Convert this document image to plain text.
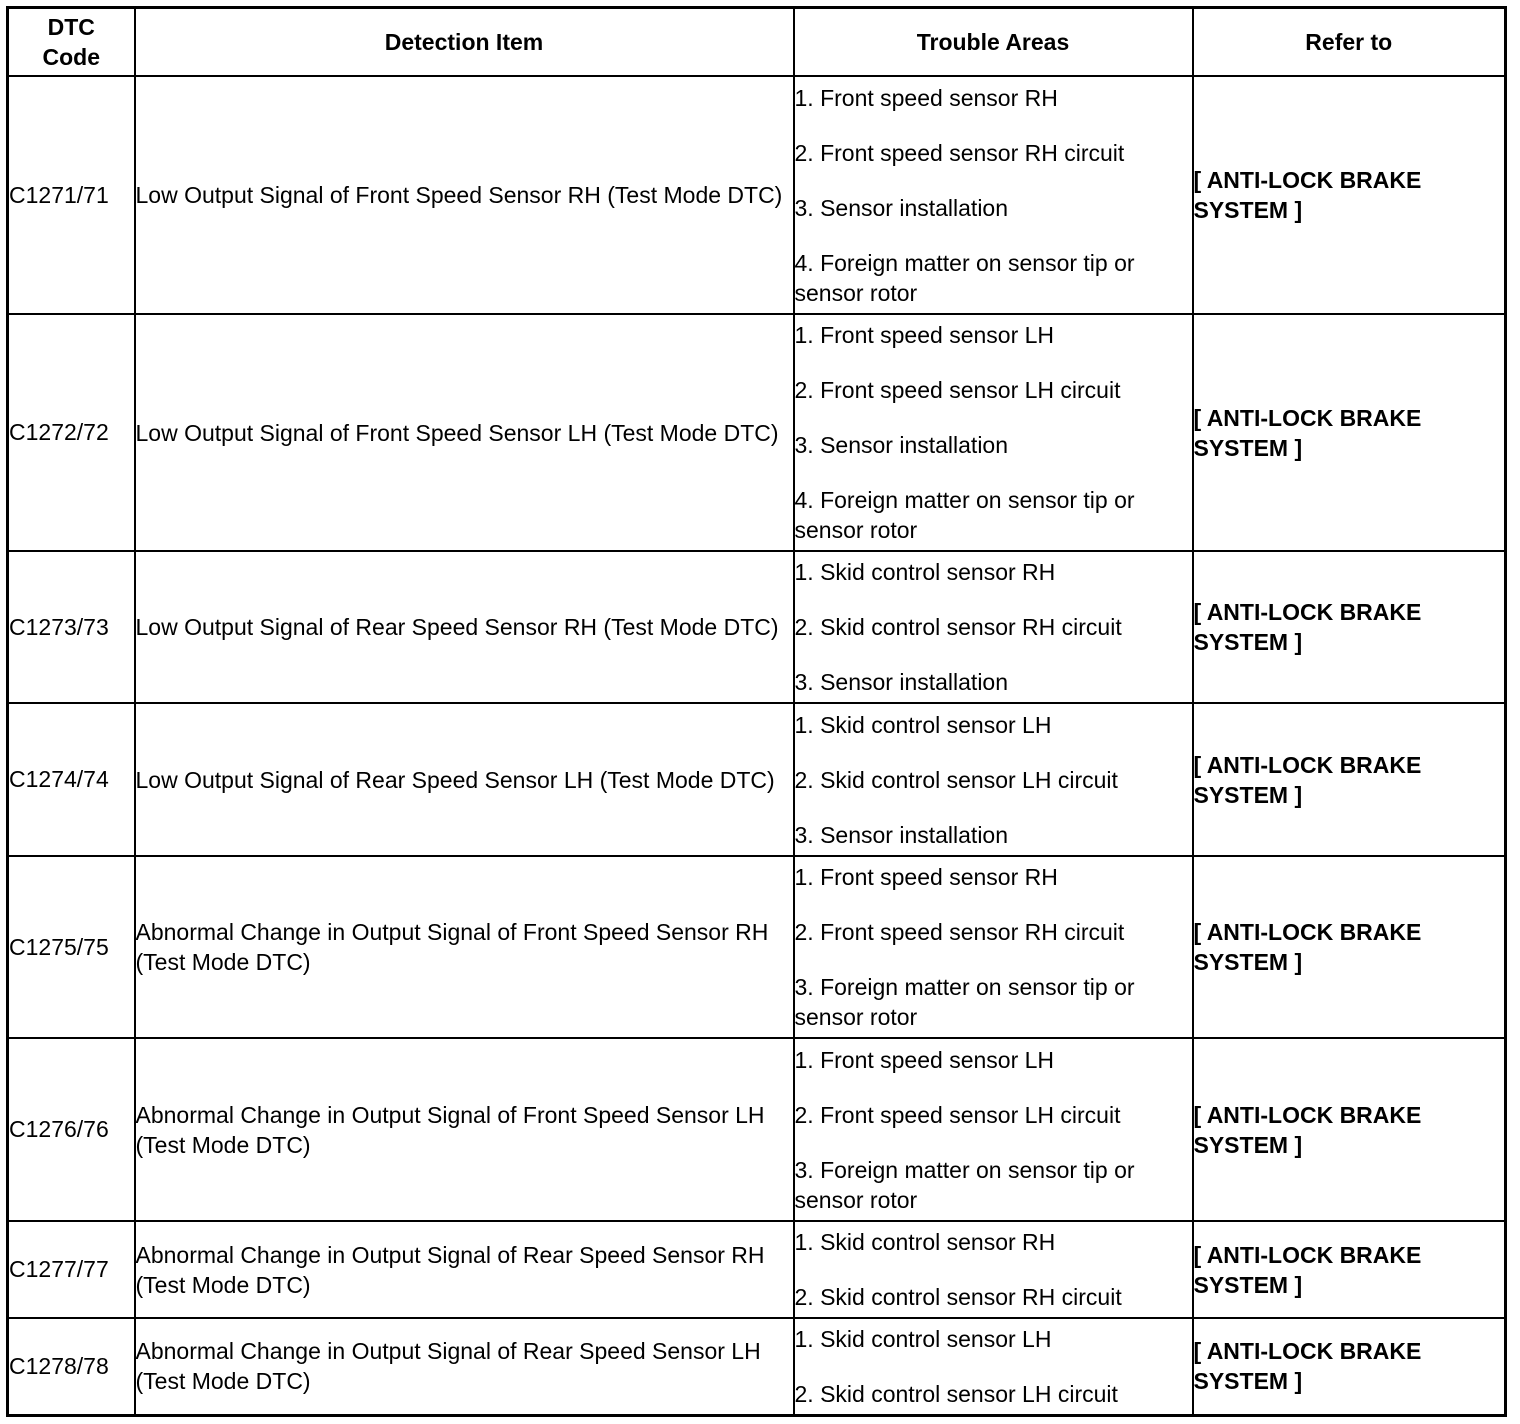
DTC Code	Detection Item	Trouble Areas	Refer to
C1271/71	Low Output Signal of Front Speed Sensor RH (Test Mode DTC)	1. Front speed sensor RH
2. Front speed sensor RH circuit
3. Sensor installation
4. Foreign matter on sensor tip or sensor rotor	[ ANTI-LOCK BRAKE SYSTEM ]

C1272/72	Low Output Signal of Front Speed Sensor LH (Test Mode DTC)	1. Front speed sensor LH
2. Front speed sensor LH circuit
3. Sensor installation
4. Foreign matter on sensor tip or sensor rotor	[ ANTI-LOCK BRAKE SYSTEM ]

C1273/73	Low Output Signal of Rear Speed Sensor RH (Test Mode DTC)	1. Skid control sensor RH
2. Skid control sensor RH circuit
3. Sensor installation	[ ANTI-LOCK BRAKE SYSTEM ]

C1274/74	Low Output Signal of Rear Speed Sensor LH (Test Mode DTC)	1. Skid control sensor LH
2. Skid control sensor LH circuit
3. Sensor installation	[ ANTI-LOCK BRAKE SYSTEM ]

C1275/75	Abnormal Change in Output Signal of Front Speed Sensor RH (Test Mode DTC)	1. Front speed sensor RH
2. Front speed sensor RH circuit
3. Foreign matter on sensor tip or sensor rotor	[ ANTI-LOCK BRAKE SYSTEM ]

C1276/76	Abnormal Change in Output Signal of Front Speed Sensor LH (Test Mode DTC)	1. Front speed sensor LH
2. Front speed sensor LH circuit
3. Foreign matter on sensor tip or sensor rotor	[ ANTI-LOCK BRAKE SYSTEM ]

C1277/77	Abnormal Change in Output Signal of Rear Speed Sensor RH (Test Mode DTC)	1. Skid control sensor RH
2. Skid control sensor RH circuit	[ ANTI-LOCK BRAKE SYSTEM ]

C1278/78	Abnormal Change in Output Signal of Rear Speed Sensor LH (Test Mode DTC)	1. Skid control sensor LH
2. Skid control sensor LH circuit	[ ANTI-LOCK BRAKE SYSTEM ]
